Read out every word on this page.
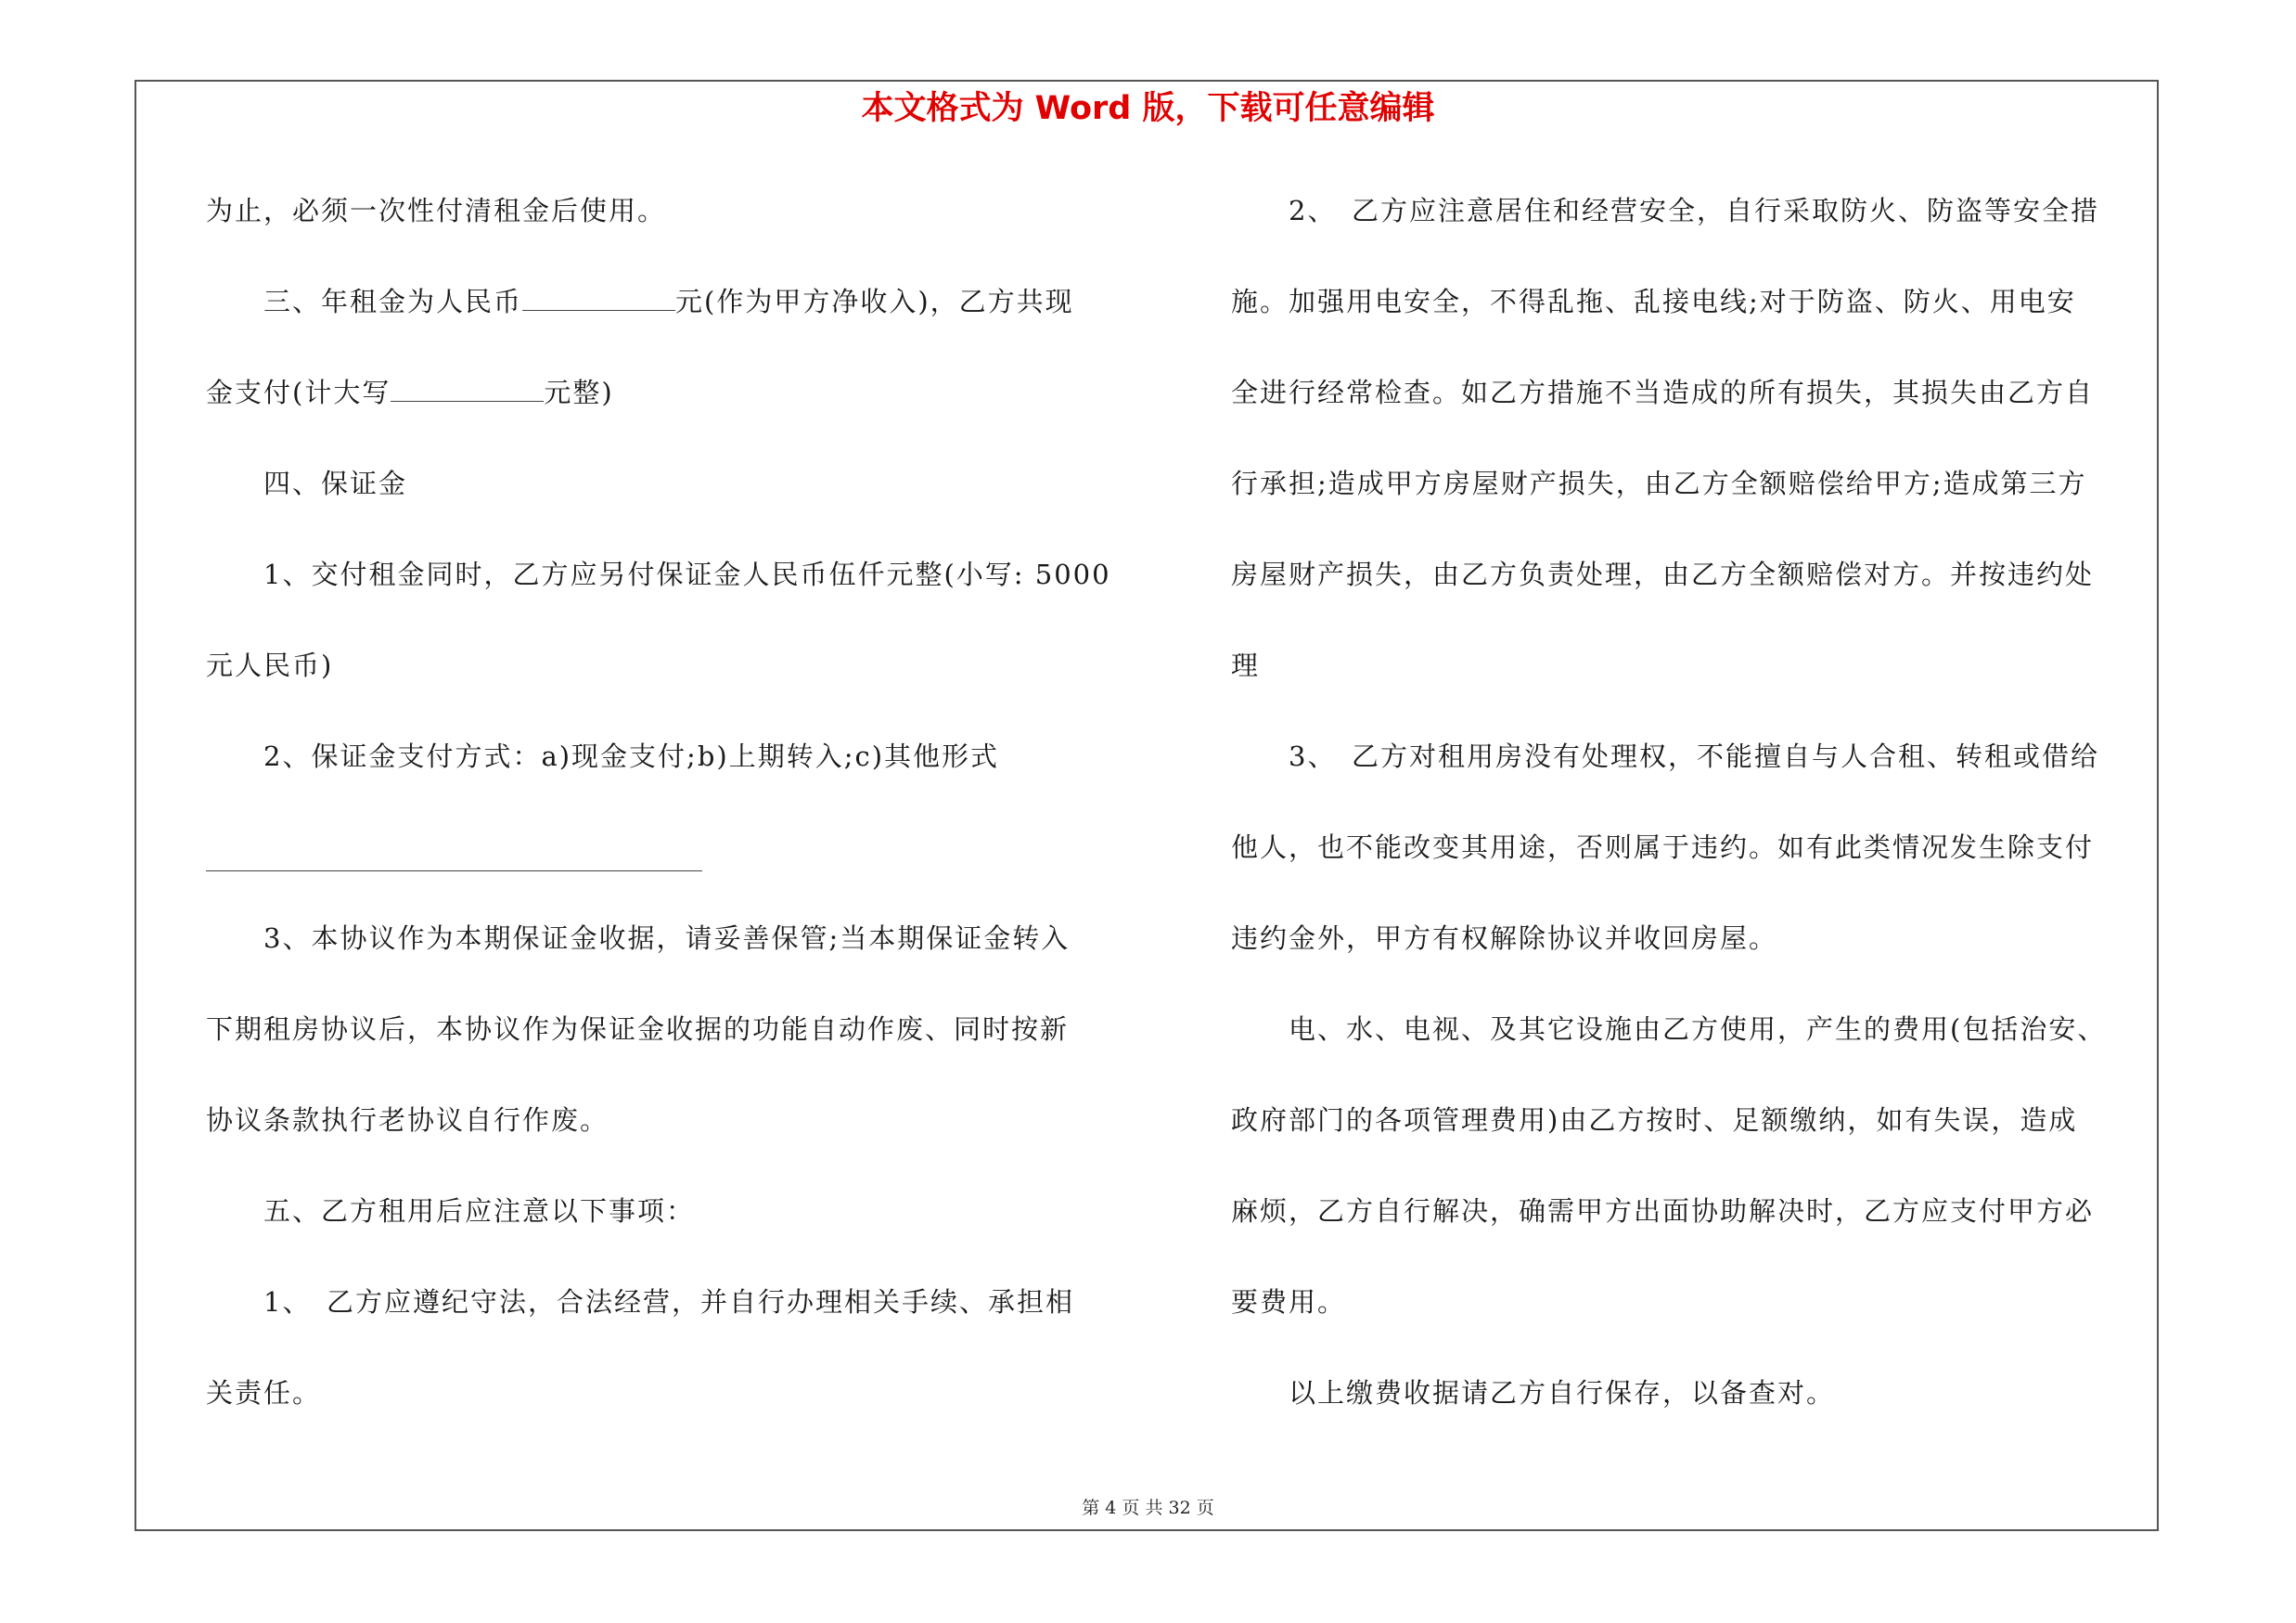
本文格式为 Word 版，下载可任意编辑
为止，必须一次性付清租金后使用。
　　三、年租金为人民币	元(作为甲方净收入)，乙方共现
金支付(计大写	元整)
　　四、保证金
　　1、交付租金同时，乙方应另付保证金人民币伍仟元整(小写: 5000
元人民币)
　　2、保证金支付方式：a)现金支付;b)上期转入;c)其他形式
　　3、本协议作为本期保证金收据，请妥善保管;当本期保证金转入
下期租房协议后，本协议作为保证金收据的功能自动作废、同时按新
协议条款执行老协议自行作废。
　　五、乙方租用后应注意以下事项：
　　1、　乙方应遵纪守法，合法经营，并自行办理相关手续、承担相
关责任。
　　2、　乙方应注意居住和经营安全，自行采取防火、防盗等安全措
施。加强用电安全，不得乱拖、乱接电线;对于防盗、防火、用电安
全进行经常检查。如乙方措施不当造成的所有损失，其损失由乙方自
行承担;造成甲方房屋财产损失，由乙方全额赔偿给甲方;造成第三方
房屋财产损失，由乙方负责处理，由乙方全额赔偿对方。并按违约处
理
　　3、　乙方对租用房没有处理权，不能擅自与人合租、转租或借给
他人，也不能改变其用途，否则属于违约。如有此类情况发生除支付
违约金外，甲方有权解除协议并收回房屋。
　　电、水、电视、及其它设施由乙方使用，产生的费用(包括治安、
政府部门的各项管理费用)由乙方按时、足额缴纳，如有失误，造成
麻烦，乙方自行解决，确需甲方出面协助解决时，乙方应支付甲方必
要费用。
　　以上缴费收据请乙方自行保存，以备查对。
第 4 页 共 32 页
